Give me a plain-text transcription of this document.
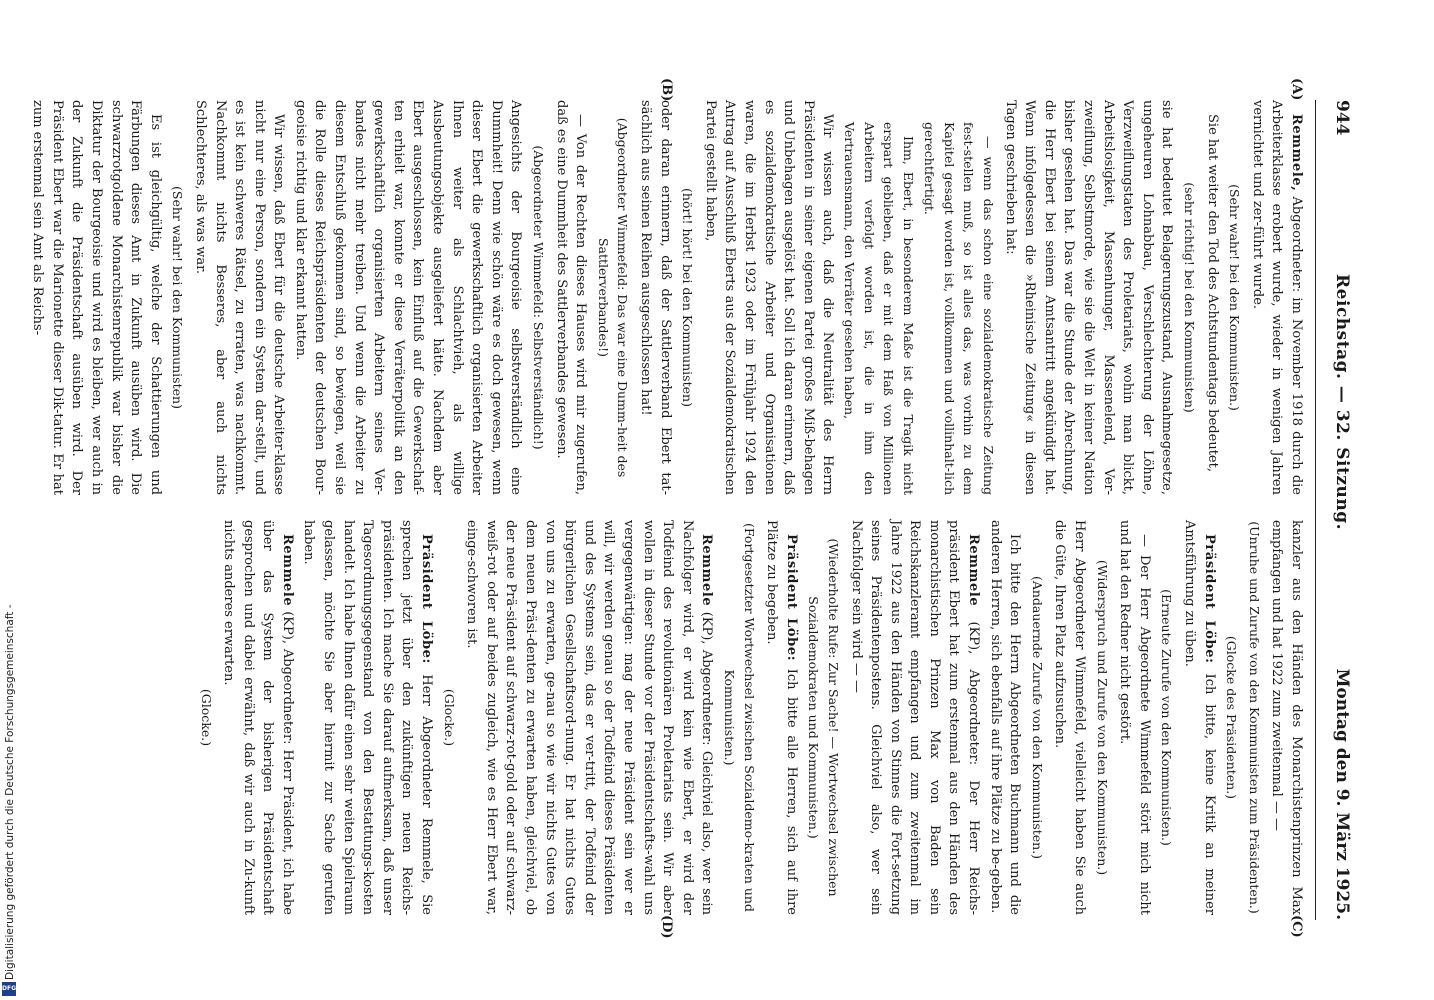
Digitalisierung gefördert durch die Deutsche Forschungsgemeinschaft -
DFG
944
Reichstag. — 32. Sitzung.
Montag den 9. März 1925.
(A)
(B)
(C)
(D)

Remmele, Abgeordneter: im November 1918 durch die Arbeiterklasse erobert wurde, wieder in wenigen Jahren vernichtet und zer-führt wurde.

(Sehr wahr! bei den Kommunisten.)

Sie hat weiter den Tod des Achtstundentags bedeutet,

(sehr richtig! bei den Kommunisten)

sie hat bedeutet Belagerungszustand, Ausnahmegesetze, ungeheuren Lohnabbau, Verschlechterung der Löhne, Verzweiflungstaten des Proletariats, wohin man blickt, Arbeitslosigkeit, Massenhunger, Massenelend, Ver-zweiflung, Selbstmorde, wie sie die Welt in keiner Nation bisher gesehen hat. Das war die Stunde der Abrechnung, die Herr Ebert bei seinem Amtsantritt angekündigt hat. Wenn infolgedessen die »Rheinische Zeitung« in diesen Tagen geschrieben hat:

— wenn das schon eine sozialdemokratische Zeitung fest-stellen muß, so ist alles das, was vorhin zu dem Kapitel gesagt worden ist, vollkommen und vollinhalt-lich gerechtfertigt.

Ihm, Ebert, in besonderem Maße ist die Tragik nicht erspart geblieben, daß er mit dem Haß von Millionen Arbeitern verfolgt worden ist, die in ihm den Vertrauensmann, den Verräter gesehen haben,

Wir wissen auch, daß die Neutralität des Herrn Präsidenten in seiner eigenen Partei großes Miß-behagen und Unbehagen ausgelöst hat. Soll ich daran erinnern, daß es sozialdemokratische Arbeiter und Organisationen waren, die im Herbst 1923 oder im Frühjahr 1924 den Antrag auf Ausschluß Eberts aus der Sozialdemokratischen Partei gestellt haben,

(hört! hört! bei den Kommunisten)

oder daran erinnern, daß der Sattlerverband Ebert tat-sächlich aus seinen Reihen ausgeschlossen hat!

(Abgeordneter Wimmefeld: Das war eine Dumm-heit des Sattlerverbandes!)

— Von der Rechten dieses Hauses wird mir zugerufen, daß es eine Dummheit des Sattlerverbandes gewesen.

(Abgeordneter Wimmefeld: Selbstverständlich!)

Angesichts der Bourgeoisie selbstverständlich eine Dummheit! Denn wie schön wäre es doch gewesen, wenn dieser Ebert die gewerkschaftlich organisierten Arbeiter Ihnen weiter als Schlachtvieh, als willige Ausbeutungsobjekte ausgeliefert hätte. Nachdem aber Ebert ausgeschlossen, kein Einfluß auf die Gewerkschaf-ten erhielt war, konnte er diese Verräterpolitik an den gewerkschaftlich organisierten Arbeitern seines Ver-bandes nicht mehr treiben. Und wenn die Arbeiter zu diesem Entschluß gekommen sind, so bewiegen, weil sie die Rolle dieses Reichspräsidenten der deutschen Bour-geoisie richtig und klar erkannt hatten.

Wir wissen, daß Ebert für die deutsche Arbeiter-klasse nicht nur eine Person, sondern ein System dar-stellt, und es ist kein schweres Rätsel, zu erraten, was nachkommt. Nachkommt nichts Besseres, aber auch nichts Schlechteres, als was war.

(Sehr wahr! bei den Kommunisten)

Es ist gleichgültig, welche der Schattierungen und Färbungen dieses Amt in Zukunft ausüben wird. Die schwarzrotgoldene Monarchistenrepublik war bisher die Diktatur der Bourgeoisie und wird es bleiben, wer auch in der Zukunft die Präsidentschaft ausüben wird. Der Präsident Ebert war die Marionette dieser Dik-tatur. Er hat zum erstenmal sein Amt als Reichs-

kanzler aus den Händen des Monarchistenprinzen Max empfangen und hat 1922 zum zweitenmal — —

(Unruhe und Zurufe von den Kommunisten zum Präsidenten.)

(Glocke des Präsidenten.)

Präsident Löbe: Ich bitte, keine Kritik an meiner Amtsführung zu üben.

(Erneute Zurufe von den Kommunisten.)

— Der Herr Abgeordnete Wimmefeld stört mich nicht und hat den Redner nicht gestört.

(Widerspruch und Zurufe von den Kommunisten.)

Herr Abgeordneter Wimmefeld, vielleicht haben Sie auch die Güte, Ihren Platz aufzusuchen.

(Andauernde Zurufe von den Kommunisten.)

Ich bitte den Herrn Abgeordneten Buchmann und die anderen Herren, sich ebenfalls auf ihre Plätze zu be-geben.

Remmele (KP), Abgeordneter: Der Herr Reichs-präsident Ebert hat zum erstenmal aus den Händen des monarchistischen Prinzen Max von Baden sein Reichskanzleramt empfangen und zum zweitenmal im Jahre 1922 aus den Händen von Stinnes die Fort-setzung seines Präsidentenpostens. Gleichviel also, wer sein Nachfolger sein wird — —

(Wiederholte Rufe: Zur Sache! — Wortwechsel zwischen Sozialdemokraten und Kommunisten.)

Präsident Löbe: Ich bitte alle Herren, sich auf ihre Plätze zu begeben.

(Fortgesetzter Wortwechsel zwischen Sozialdemo-kraten und Kommunisten.)

Remmele (KP), Abgeordneter: Gleichviel also, wer sein Nachfolger wird, er wird kein wie Ebert, er wird der Todfeind des revolutionären Proletariats sein. Wir aber wollen in dieser Stunde vor der Präsidentschafts-wahl uns vergegenwärtigen: mag der neue Präsident sein wer er will, wir werden genau so der Todfeind dieses Präsidenten und des Systems sein, das er ver-tritt, der Todfeind der bürgerlichen Gesellschaftsord-nung. Er hat nichts Gutes von uns zu erwarten, ge-nau so wie wir nichts Gutes von dem neuen Präsi-denten zu erwarten haben, gleichviel, ob der neue Prä-sident auf schwarz-rot-gold oder auf schwarz-weiß-rot oder auf beides zugleich, wie es Herr Ebert war, einge-schworen ist.

(Glocke.)

Präsident Löbe: Herr Abgeordneter Remmele, Sie sprechen jetzt über den zukünftigen neuen Reichs-präsidenten. Ich mache Sie darauf aufmerksam, daß unser Tagesordnungsgegenstand von den Bestattungs-kosten handelt. Ich habe Ihnen dafür einen sehr weiten Spielraum gelassen, möchte Sie aber hiermit zur Sache gerufen haben.

Remmele (KP), Abgeordneter: Herr Präsident, ich habe über das System der bisherigen Präsidentschaft gesprochen und dabei erwähnt, daß wir auch in Zu-kunft nichts anderes erwarten.

(Glocke.)
